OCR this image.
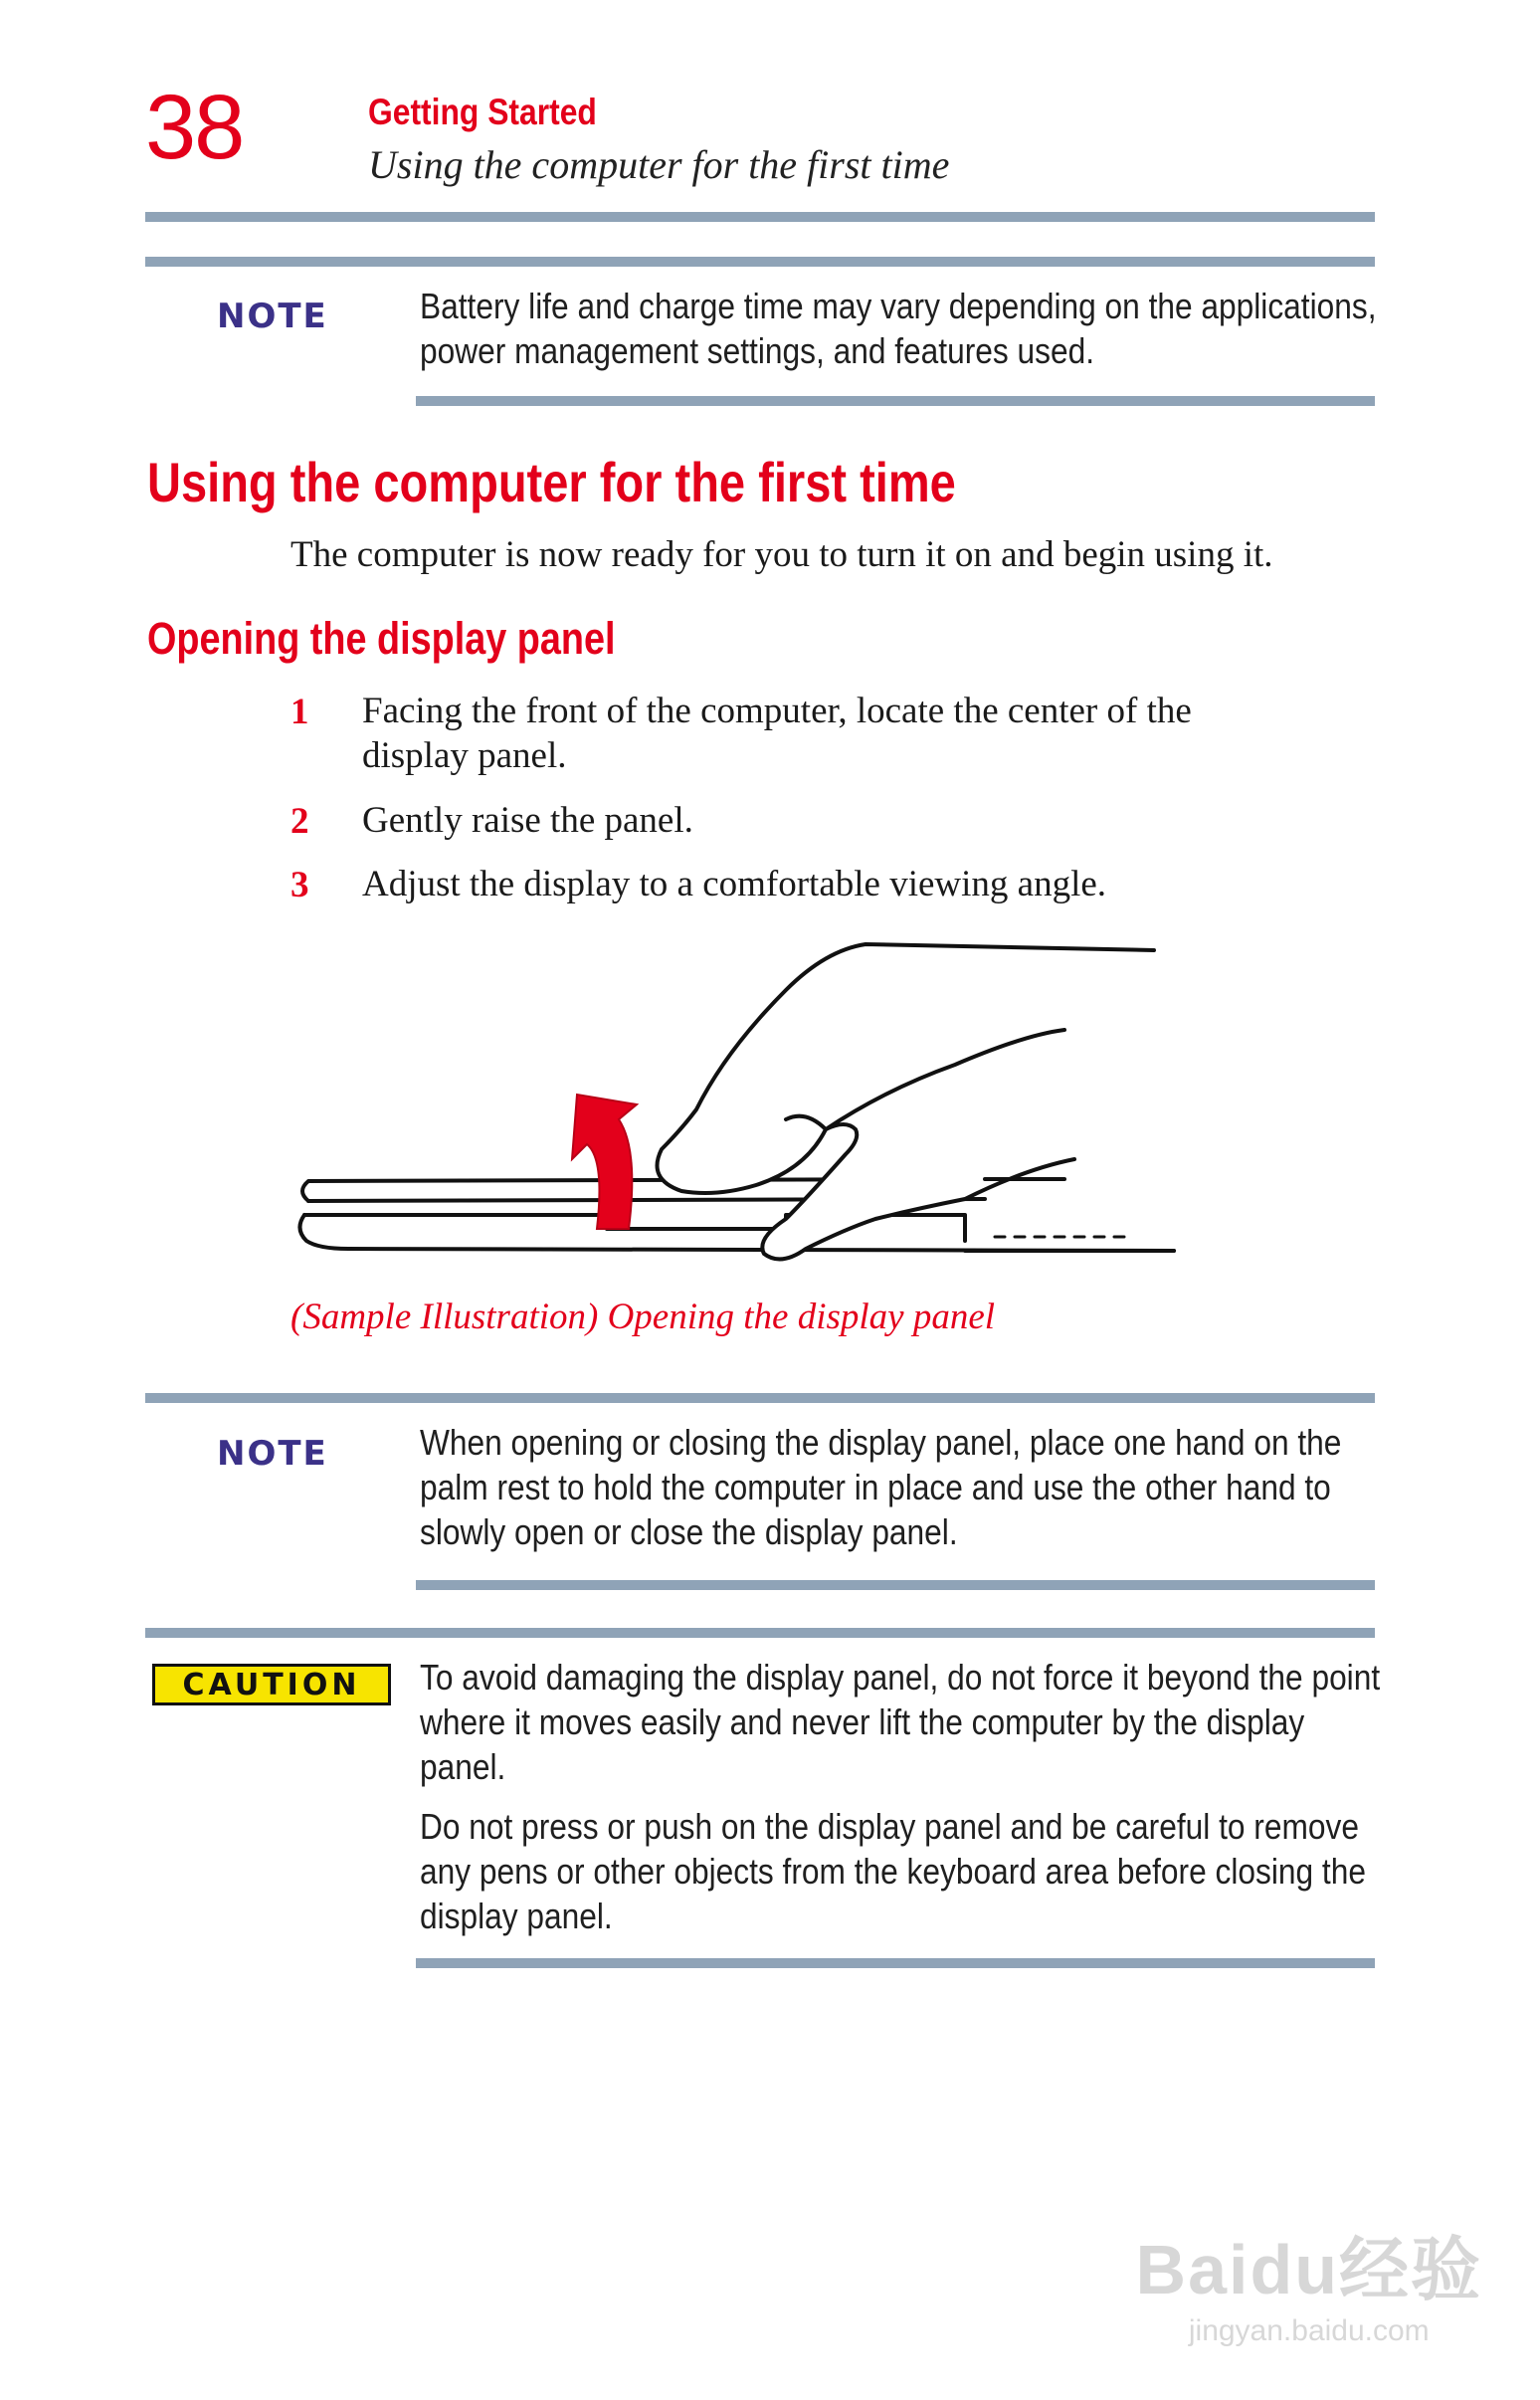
38	Getting Started
Using the computer for the first time
NOTE	Battery life and charge time may vary depending on the applications,
power management settings, and features used.
Using the computer for the first time
The computer is now ready for you to turn it on and begin using it.
Opening the display panel
1 Facing the front of the computer, locate the center of the
display panel.
2 Gently raise the panel.
3 Adjust the display to a comfortable viewing angle.
(Sample Illustration) Opening the display panel
NOTE	When opening or closing the display panel, place one hand on the
palm rest to hold the computer in place and use the other hand to
slowly open or close the display panel.
CAUTION	To avoid damaging the display panel, do not force it beyond the point
where it moves easily and never lift the computer by the display
panel.
Do not press or push on the display panel and be careful to remove
any pens or other objects from the keyboard area before closing the
display panel.
Baidu经验
jingyan.baidu.com
